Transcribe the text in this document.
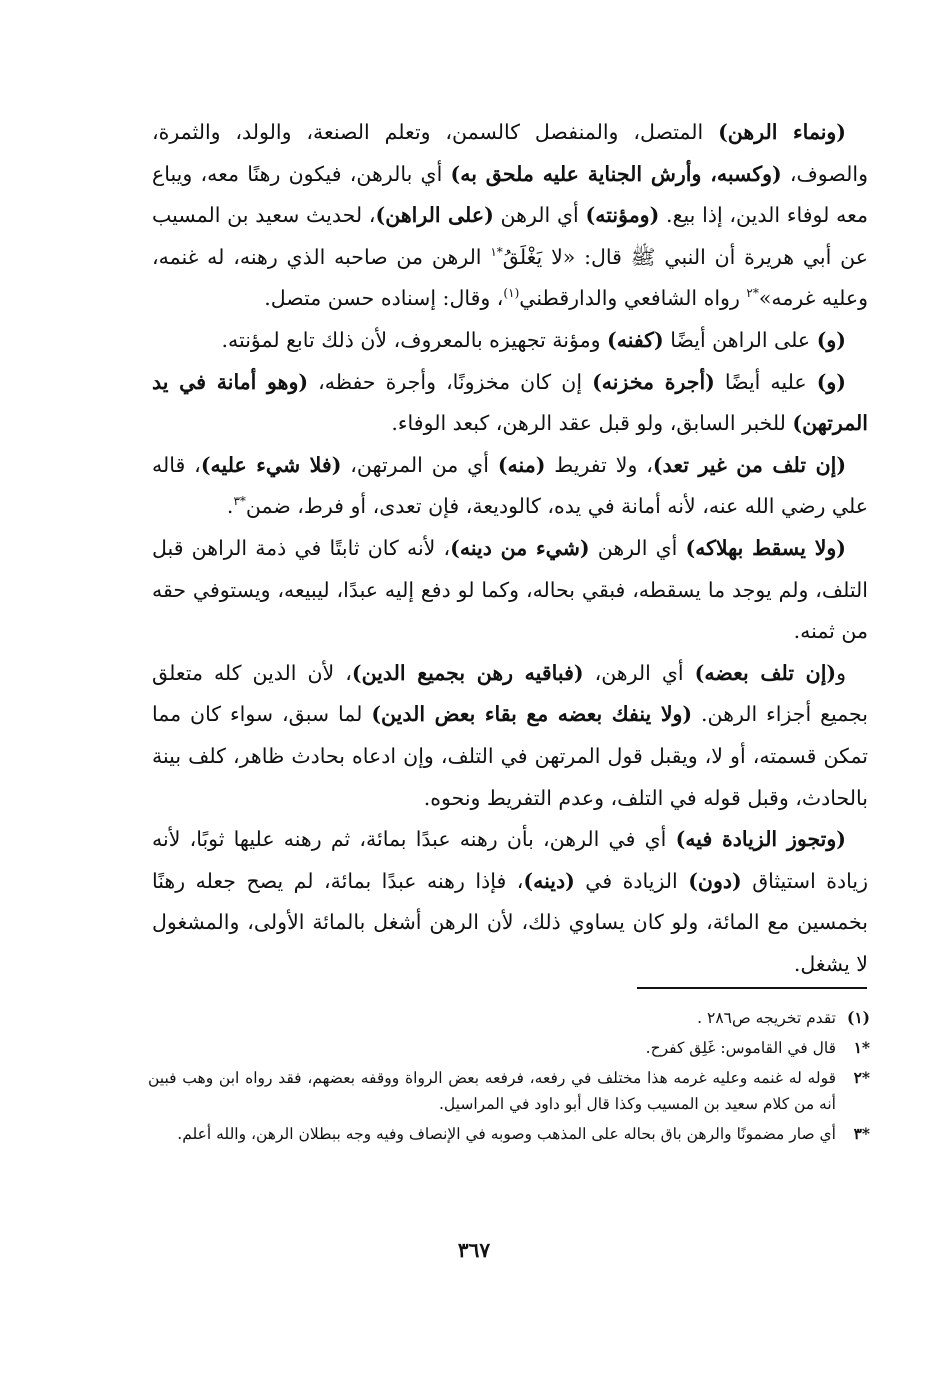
(ونماء الرهن) المتصل، والمنفصل كالسمن، وتعلم الصنعة، والولد، والثمرة، والصوف، (وكسبه، وأرش الجناية عليه ملحق به) أي بالرهن، فيكون رهنًا معه، ويباع معه لوفاء الدين، إذا بيع. (ومؤنته) أي الرهن (على الراهن)، لحديث سعيد بن المسيب عن أبي هريرة أن النبي ﷺ قال: «لا يَغْلَقُ$^{*١}$ الرهن من صاحبه الذي رهنه، له غنمه، وعليه غرمه»$^{*٢}$ رواه الشافعي والدارقطني$^{(١)}$، وقال: إسناده حسن متصل.

(و) على الراهن أيضًا (كفنه) ومؤنة تجهيزه بالمعروف، لأن ذلك تابع لمؤنته.

(و) عليه أيضًا (أجرة مخزنه) إن كان مخزونًا، وأجرة حفظه، (وهو أمانة في يد المرتهن) للخبر السابق، ولو قبل عقد الرهن، كبعد الوفاء.

(إن تلف من غير تعد)، ولا تفريط (منه) أي من المرتهن، (فلا شيء عليه)، قاله علي رضي الله عنه، لأنه أمانة في يده، كالوديعة، فإن تعدى، أو فرط، ضمن$^{*٣}$.

(ولا يسقط بهلاكه) أي الرهن (شيء من دينه)، لأنه كان ثابتًا في ذمة الراهن قبل التلف، ولم يوجد ما يسقطه، فبقي بحاله، وكما لو دفع إليه عبدًا، ليبيعه، ويستوفي حقه من ثمنه.

و(إن تلف بعضه) أي الرهن، (فباقيه رهن بجميع الدين)، لأن الدين كله متعلق بجميع أجزاء الرهن. (ولا ينفك بعضه مع بقاء بعض الدين) لما سبق، سواء كان مما تمكن قسمته، أو لا، ويقبل قول المرتهن في التلف، وإن ادعاه بحادث ظاهر، كلف بينة بالحادث، وقبل قوله في التلف، وعدم التفريط ونحوه.

(وتجوز الزيادة فيه) أي في الرهن، بأن رهنه عبدًا بمائة، ثم رهنه عليها ثوبًا، لأنه زيادة استيثاق (دون) الزيادة في (دينه)، فإذا رهنه عبدًا بمائة، لم يصح جعله رهنًا بخمسين مع المائة، ولو كان يساوي ذلك، لأن الرهن أشغل بالمائة الأولى، والمشغول لا يشغل.

(١)
تقدم تخريجه ص٢٨٦ .
*١
قال في القاموس: غَلِق كفرح.
*٢
قوله له غنمه وعليه غرمه هذا مختلف في رفعه، فرفعه بعض الرواة ووقفه بعضهم، فقد رواه ابن وهب فبين أنه من كلام سعيد بن المسيب وكذا قال أبو داود في المراسيل.
*٣
أي صار مضمونًا والرهن باق بحاله على المذهب وصوبه في الإنصاف وفيه وجه ببطلان الرهن، والله أعلم.
٣٦٧
